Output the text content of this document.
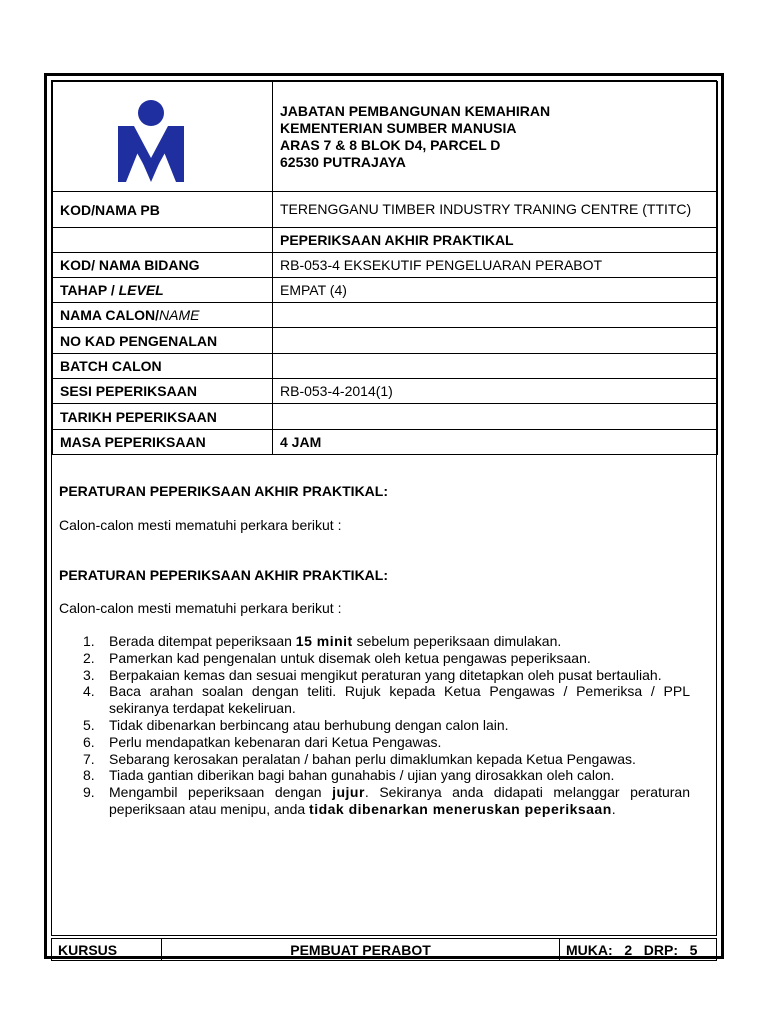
JABATAN PEMBANGUNAN KEMAHIRAN
KEMENTERIAN SUMBER MANUSIA
ARAS 7 & 8 BLOK D4, PARCEL D
62530 PUTRAJAYA

KOD/NAMA PB	TERENGGANU TIMBER INDUSTRY TRANING CENTRE (TTITC)
	PEPERIKSAAN AKHIR PRAKTIKAL
KOD/ NAMA BIDANG	RB-053-4 EKSEKUTIF PENGELUARAN PERABOT
TAHAP / LEVEL	EMPAT (4)
NAMA CALON/NAME	
NO KAD PENGENALAN	
BATCH CALON	
SESI PEPERIKSAAN	RB-053-4-2014(1)
TARIKH PEPERIKSAAN	
MASA PEPERIKSAAN	4 JAM
PERATURAN PEPERIKSAAN AKHIR PRAKTIKAL:
Calon-calon mesti mematuhi perkara berikut :
PERATURAN PEPERIKSAAN AKHIR PRAKTIKAL:
Calon-calon mesti mematuhi perkara berikut :
1. Berada ditempat peperiksaan 15 minit sebelum peperiksaan dimulakan.
2. Pamerkan kad pengenalan untuk disemak oleh ketua pengawas peperiksaan.
3. Berpakaian kemas dan sesuai mengikut peraturan yang ditetapkan oleh pusat bertauliah.
4. Baca arahan soalan dengan teliti. Rujuk kepada Ketua Pengawas / Pemeriksa / PPL sekiranya terdapat kekeliruan.
5. Tidak dibenarkan berbincang atau berhubung dengan calon lain.
6. Perlu mendapatkan kebenaran dari Ketua Pengawas.
7. Sebarang kerosakan peralatan / bahan perlu dimaklumkan kepada Ketua Pengawas.
8. Tiada gantian diberikan bagi bahan gunahabis / ujian yang dirosakkan oleh calon.
9. Mengambil peperiksaan dengan jujur. Sekiranya anda didapati melanggar peraturan peperiksaan atau menipu, anda tidak dibenarkan meneruskan peperiksaan.
KURSUS	PEMBUAT PERABOT	MUKA:   2   DRP:   5
